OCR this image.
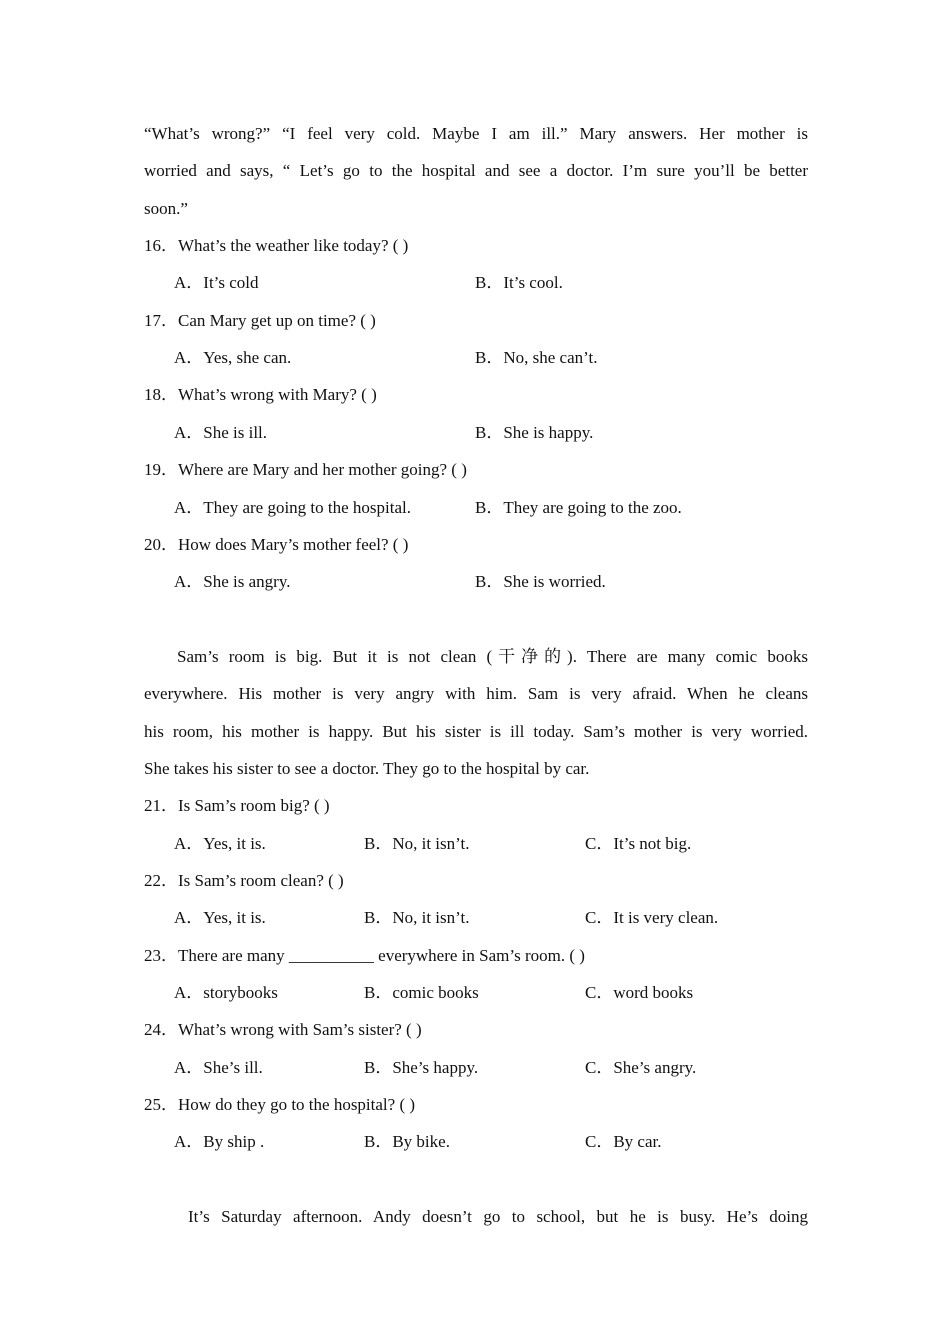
“What’s wrong?” “I feel very cold. Maybe I am ill.” Mary answers. Her mother is
worried and says, “ Let’s go to the hospital and see a doctor. I’m sure you’ll be better
soon.”
16．What’s the weather like today? ( )
A．It’s cold	B．It’s cool.
17．Can Mary get up on time? ( )
A．Yes, she can.	B．No, she can’t.
18．What’s wrong with Mary? ( )
A．She is ill.	B．She is happy.
19．Where are Mary and her mother going? ( )
A．They are going to the hospital.	B．They are going to the zoo.
20．How does Mary’s mother feel? ( )
A．She is angry.	B．She is worried.
Sam’s room is big. But it is not clean (干净的). There are many comic books
everywhere. His mother is very angry with him. Sam is very afraid. When he cleans
his room, his mother is happy. But his sister is ill today. Sam’s mother is very worried.
She takes his sister to see a doctor. They go to the hospital by car.
21．Is Sam’s room big? ( )
A．Yes, it is.	B．No, it isn’t.	C．It’s not big.
22．Is Sam’s room clean? ( )
A．Yes, it is.	B．No, it isn’t.	C．It is very clean.
23．There are many __________ everywhere in Sam’s room. ( )
A．storybooks	B．comic books	C．word books
24．What’s wrong with Sam’s sister? ( )
A．She’s ill.	B．She’s happy.	C．She’s angry.
25．How do they go to the hospital? ( )
A．By ship .	B．By bike.	C．By car.
It’s Saturday afternoon. Andy doesn’t go to school, but he is busy. He’s doing
